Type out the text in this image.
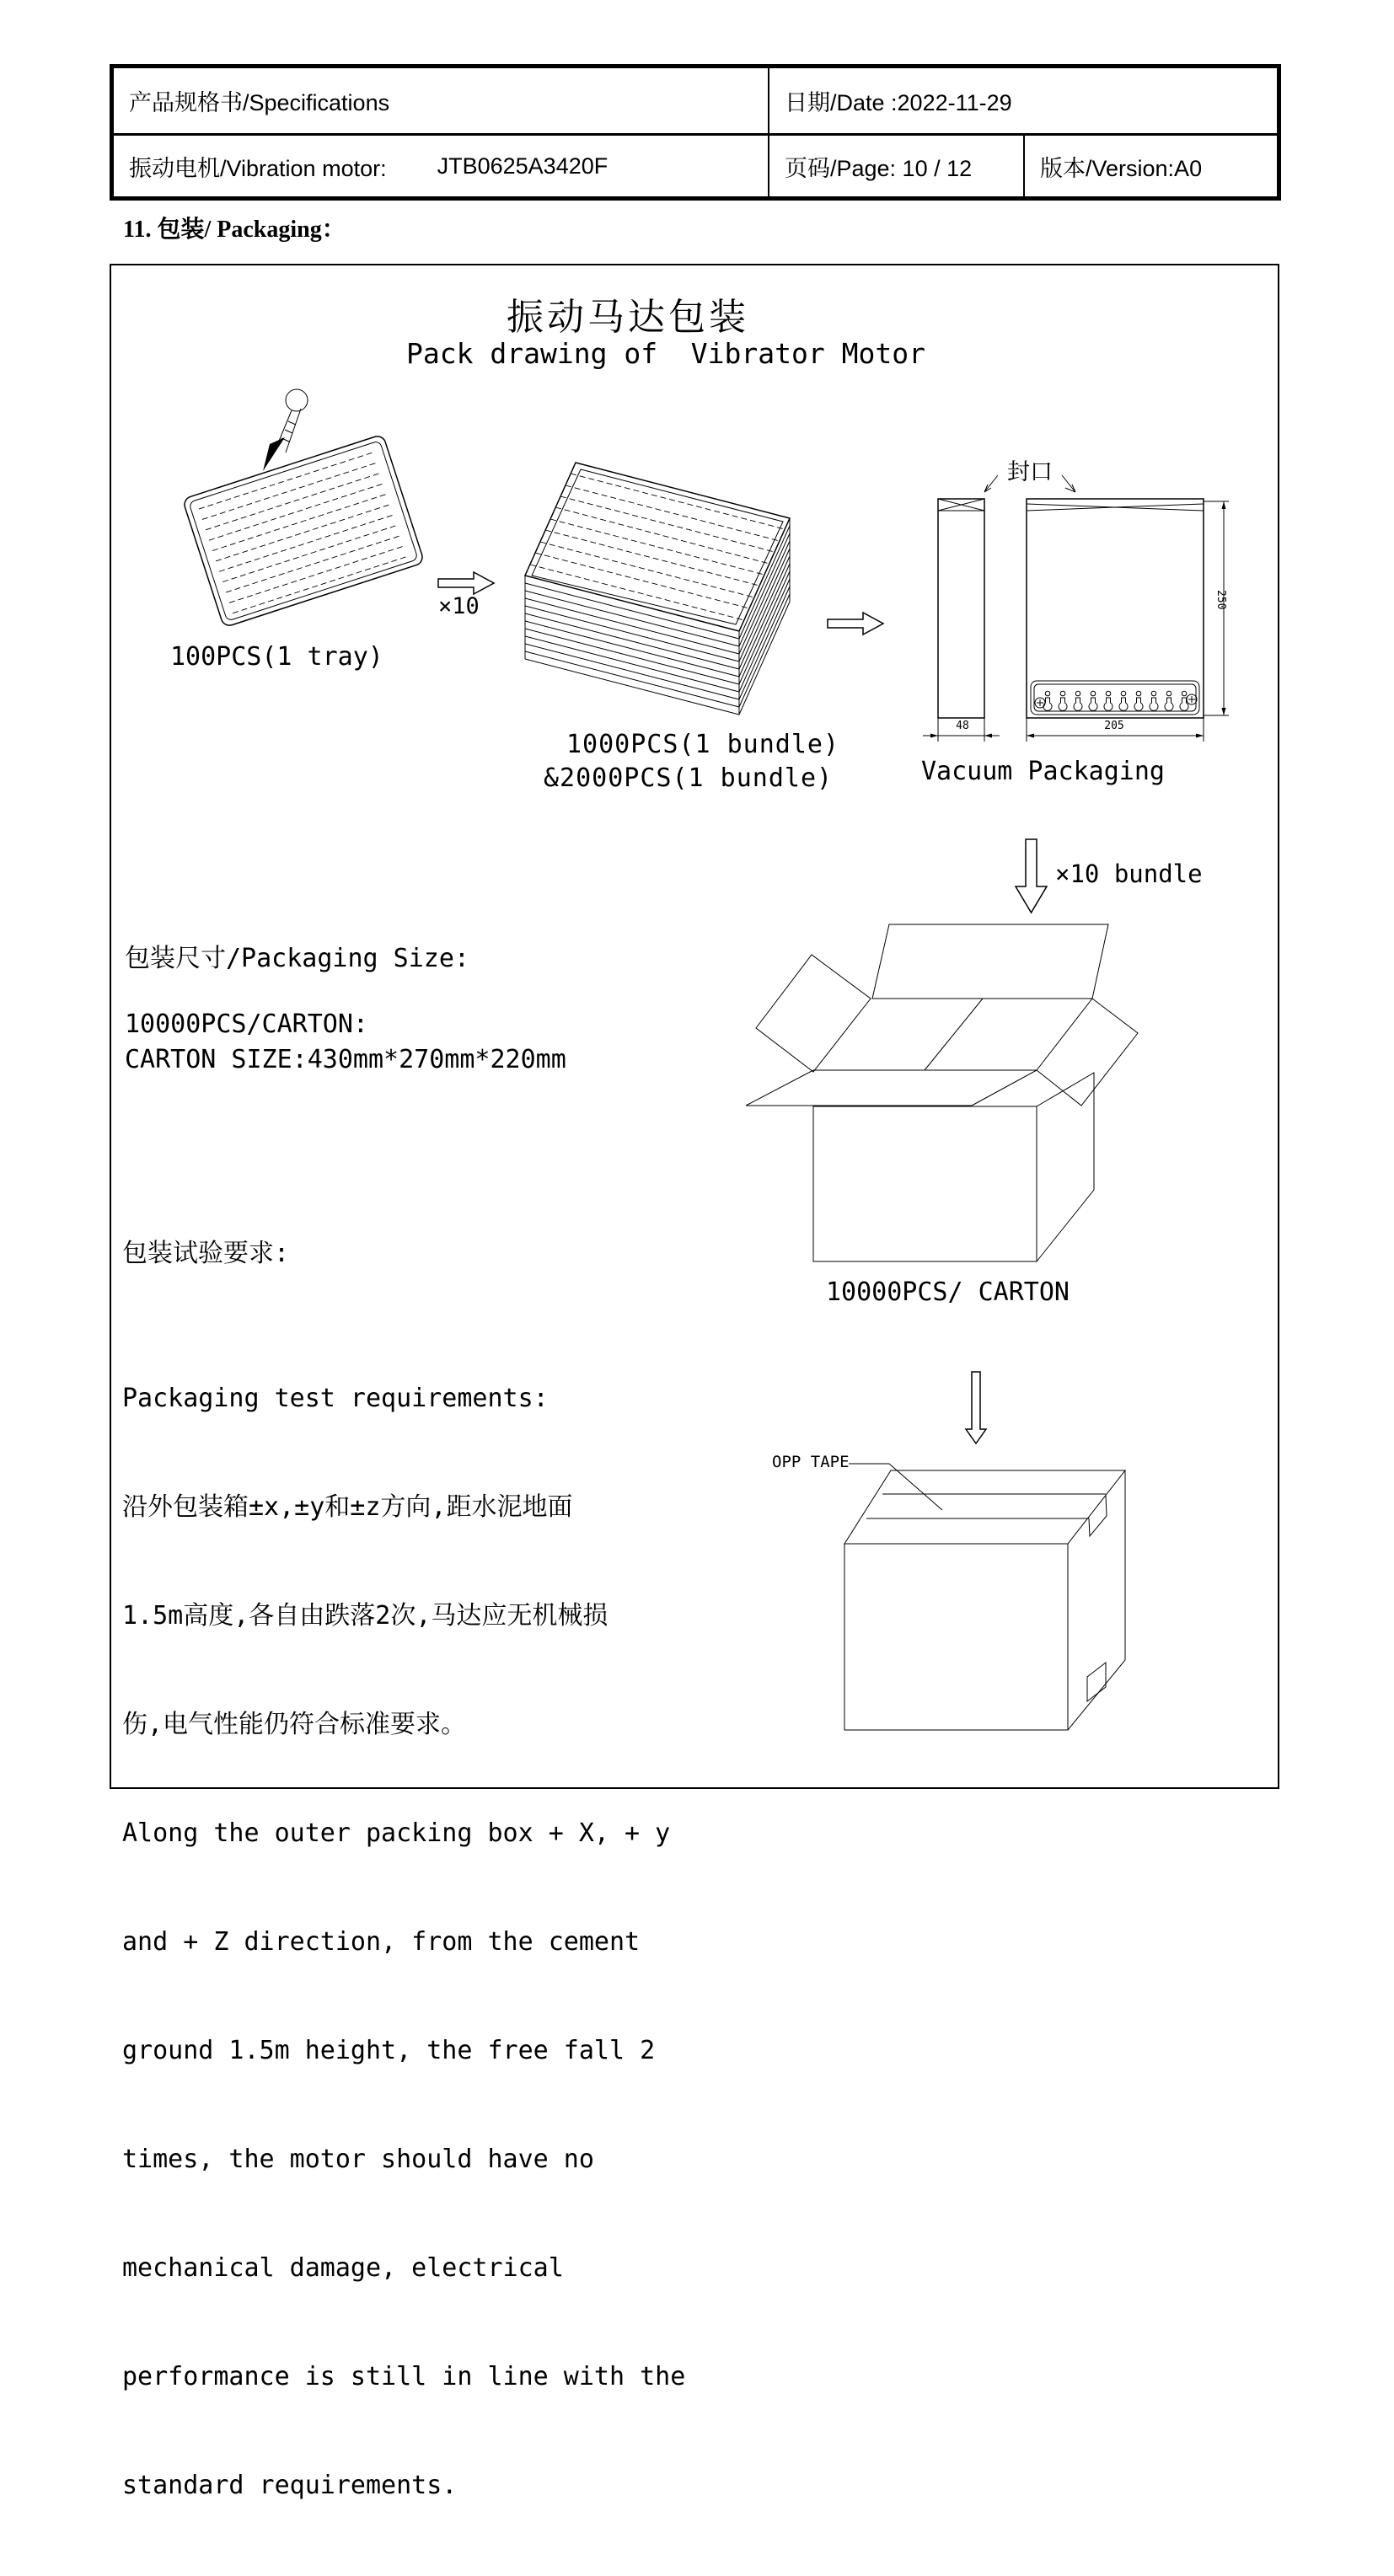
产品规格书/Specifications	日期/Date :2022-11-29
振动电机/Vibration motor: JTB0625A3420F	页码/Page: 10 / 12	版本/Version:A0
11. 包装/ Packaging：
振动马达包装
Pack drawing of  Vibrator Motor
100PCS(1 tray)
×10
1000PCS(1 bundle)
&2000PCS(1 bundle)
封口
48	205
250
Vacuum Packaging
×10 bundle
包装尺寸/Packaging Size:
10000PCS/CARTON:
CARTON SIZE:430mm*270mm*220mm
10000PCS/ CARTON
包装试验要求:

Packaging test requirements:

沿外包装箱±x,±y和±z方向,距水泥地面

1.5m高度,各自由跌落2次,马达应无机械损

伤,电气性能仍符合标准要求。

Along the outer packing box + X, + y

and + Z direction, from the cement

ground 1.5m height, the free fall 2

times, the motor should have no

mechanical damage, electrical

performance is still in line with the

standard requirements.

OPP TAPE
